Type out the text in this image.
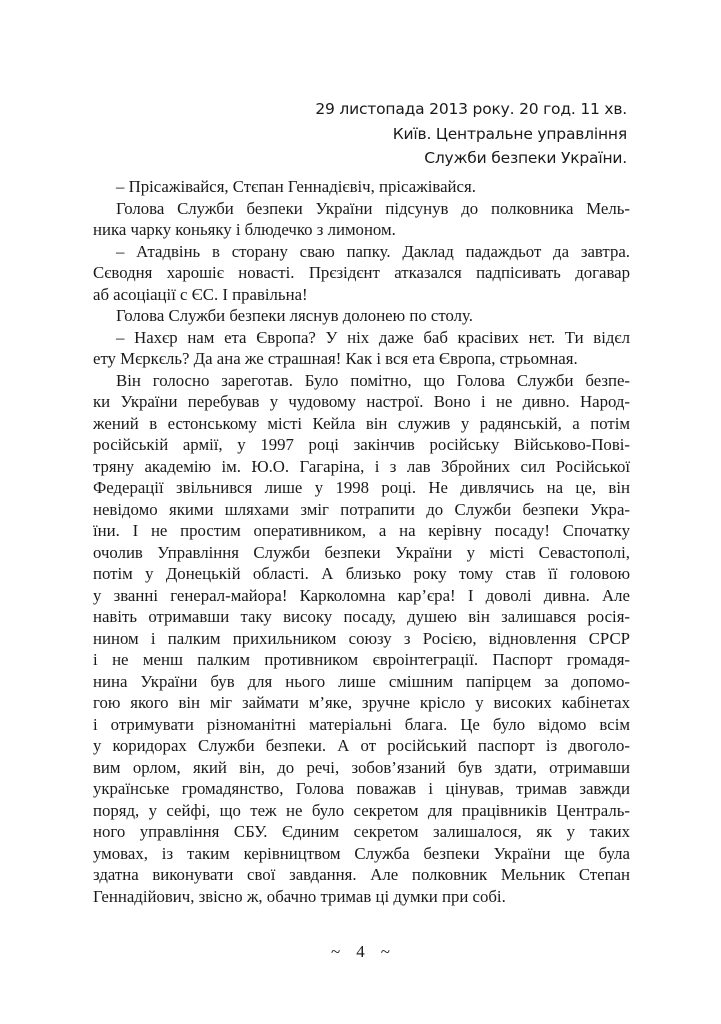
29 листопада 2013 року. 20 год. 11 хв.
Київ. Центральне управління
Служби безпеки України.
– Прісажівайся, Стєпан Геннадієвіч, прісажівайся.
Голова Служби безпеки України підсунув до полковника Мель-
ника чарку коньяку і блюдечко з лимоном.
– Атадвінь в сторану сваю папку. Даклад падаждьот да завтра.
Сєводня харошіє новасті. Прєзідєнт атказался падпісивать догавар
аб асоціації с ЄС. І правільна!
Голова Служби безпеки ляснув долонею по столу.
– Нахєр нам ета Європа? У ніх даже баб красівих нєт. Ти відєл
ету Мєркєль? Да ана же страшная! Как і вся ета Європа, стрьомная.
Він голосно зареготав. Було помітно, що Голова Служби безпе-
ки України перебував у чудовому настрої. Воно і не дивно. Народ-
жений в естонському місті Кейла він служив у радянській, а потім
російській армії, у 1997 році закінчив російську Військово-Пові-
тряну академію ім. Ю.О. Гагаріна, і з лав Збройних сил Російської
Федерації звільнився лише у 1998 році. Не дивлячись на це, він
невідомо якими шляхами зміг потрапити до Служби безпеки Укра-
їни. І не простим оперативником, а на керівну посаду! Спочатку
очолив Управління Служби безпеки України у місті Севастополі,
потім у Донецькій області. А близько року тому став її головою
у званні генерал-майора! Карколомна кар’єра! І доволі дивна. Але
навіть отримавши таку високу посаду, душею він залишався росія-
нином і палким прихильником союзу з Росією, відновлення СРСР
і не менш палким противником євроінтеграції. Паспорт громадя-
нина України був для нього лише смішним папірцем за допомо-
гою якого він міг займати м’яке, зручне крісло у високих кабінетах
і отримувати різноманітні матеріальні блага. Це було відомо всім
у коридорах Служби безпеки. А от російський паспорт із двоголо-
вим орлом, який він, до речі, зобов’язаний був здати, отримавши
українське громадянство, Голова поважав і цінував, тримав завжди
поряд, у сейфі, що теж не було секретом для працівників Централь-
ного управління СБУ. Єдиним секретом залишалося, як у таких
умовах, із таким керівництвом Служба безпеки України ще була
здатна виконувати свої завдання. Але полковник Мельник Степан
Геннадійович, звісно ж, обачно тримав ці думки при собі.
~ 4 ~
